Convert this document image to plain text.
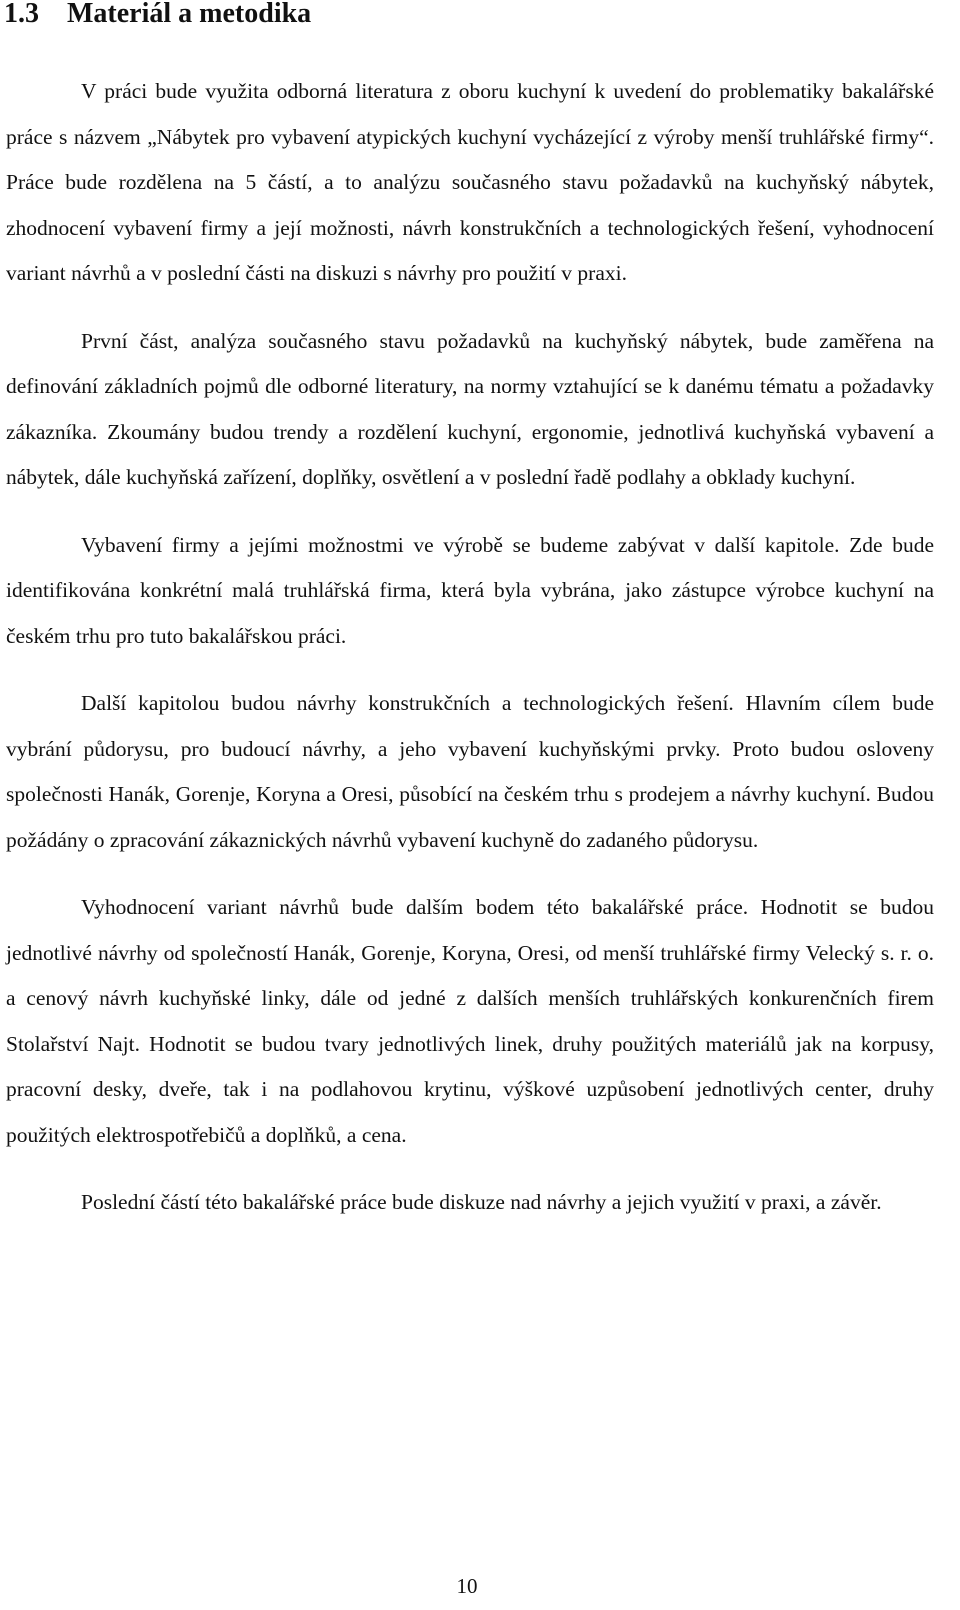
1.3 Materiál a metodika

V práci bude využita odborná literatura z oboru kuchyní k uvedení do problematiky bakalářské práce s názvem „Nábytek pro vybavení atypických kuchyní vycházející z výroby menší truhlářské firmy“. Práce bude rozdělena na 5 částí, a to analýzu současného stavu požadavků na kuchyňský nábytek, zhodnocení vybavení firmy a její možnosti, návrh konstrukčních a technologických řešení, vyhodnocení variant návrhů a v poslední části na diskuzi s návrhy pro použití v praxi.

První část, analýza současného stavu požadavků na kuchyňský nábytek, bude zaměřena na definování základních pojmů dle odborné literatury, na normy vztahující se k danému tématu a požadavky zákazníka. Zkoumány budou trendy a rozdělení kuchyní, ergonomie, jednotlivá kuchyňská vybavení a nábytek, dále kuchyňská zařízení, doplňky, osvětlení a v poslední řadě podlahy a obklady kuchyní.

Vybavení firmy a jejími možnostmi ve výrobě se budeme zabývat v další kapitole. Zde bude identifikována konkrétní malá truhlářská firma, která byla vybrána, jako zástupce výrobce kuchyní na českém trhu pro tuto bakalářskou práci.

Další kapitolou budou návrhy konstrukčních a technologických řešení. Hlavním cílem bude vybrání půdorysu, pro budoucí návrhy, a jeho vybavení kuchyňskými prvky. Proto budou osloveny společnosti Hanák, Gorenje, Koryna a Oresi, působící na českém trhu s prodejem a návrhy kuchyní. Budou požádány o zpracování zákaznických návrhů vybavení kuchyně do zadaného půdorysu.

Vyhodnocení variant návrhů bude dalším bodem této bakalářské práce. Hodnotit se budou jednotlivé návrhy od společností Hanák, Gorenje, Koryna, Oresi, od menší truhlářské firmy Velecký s. r. o. a cenový návrh kuchyňské linky, dále od jedné z dalších menších truhlářských konkurenčních firem Stolařství Najt. Hodnotit se budou tvary jednotlivých linek, druhy použitých materiálů jak na korpusy, pracovní desky, dveře, tak i na podlahovou krytinu, výškové uzpůsobení jednotlivých center, druhy použitých elektrospotřebičů a doplňků, a cena.

Poslední částí této bakalářské práce bude diskuze nad návrhy a jejich využití v praxi, a závěr.

10
